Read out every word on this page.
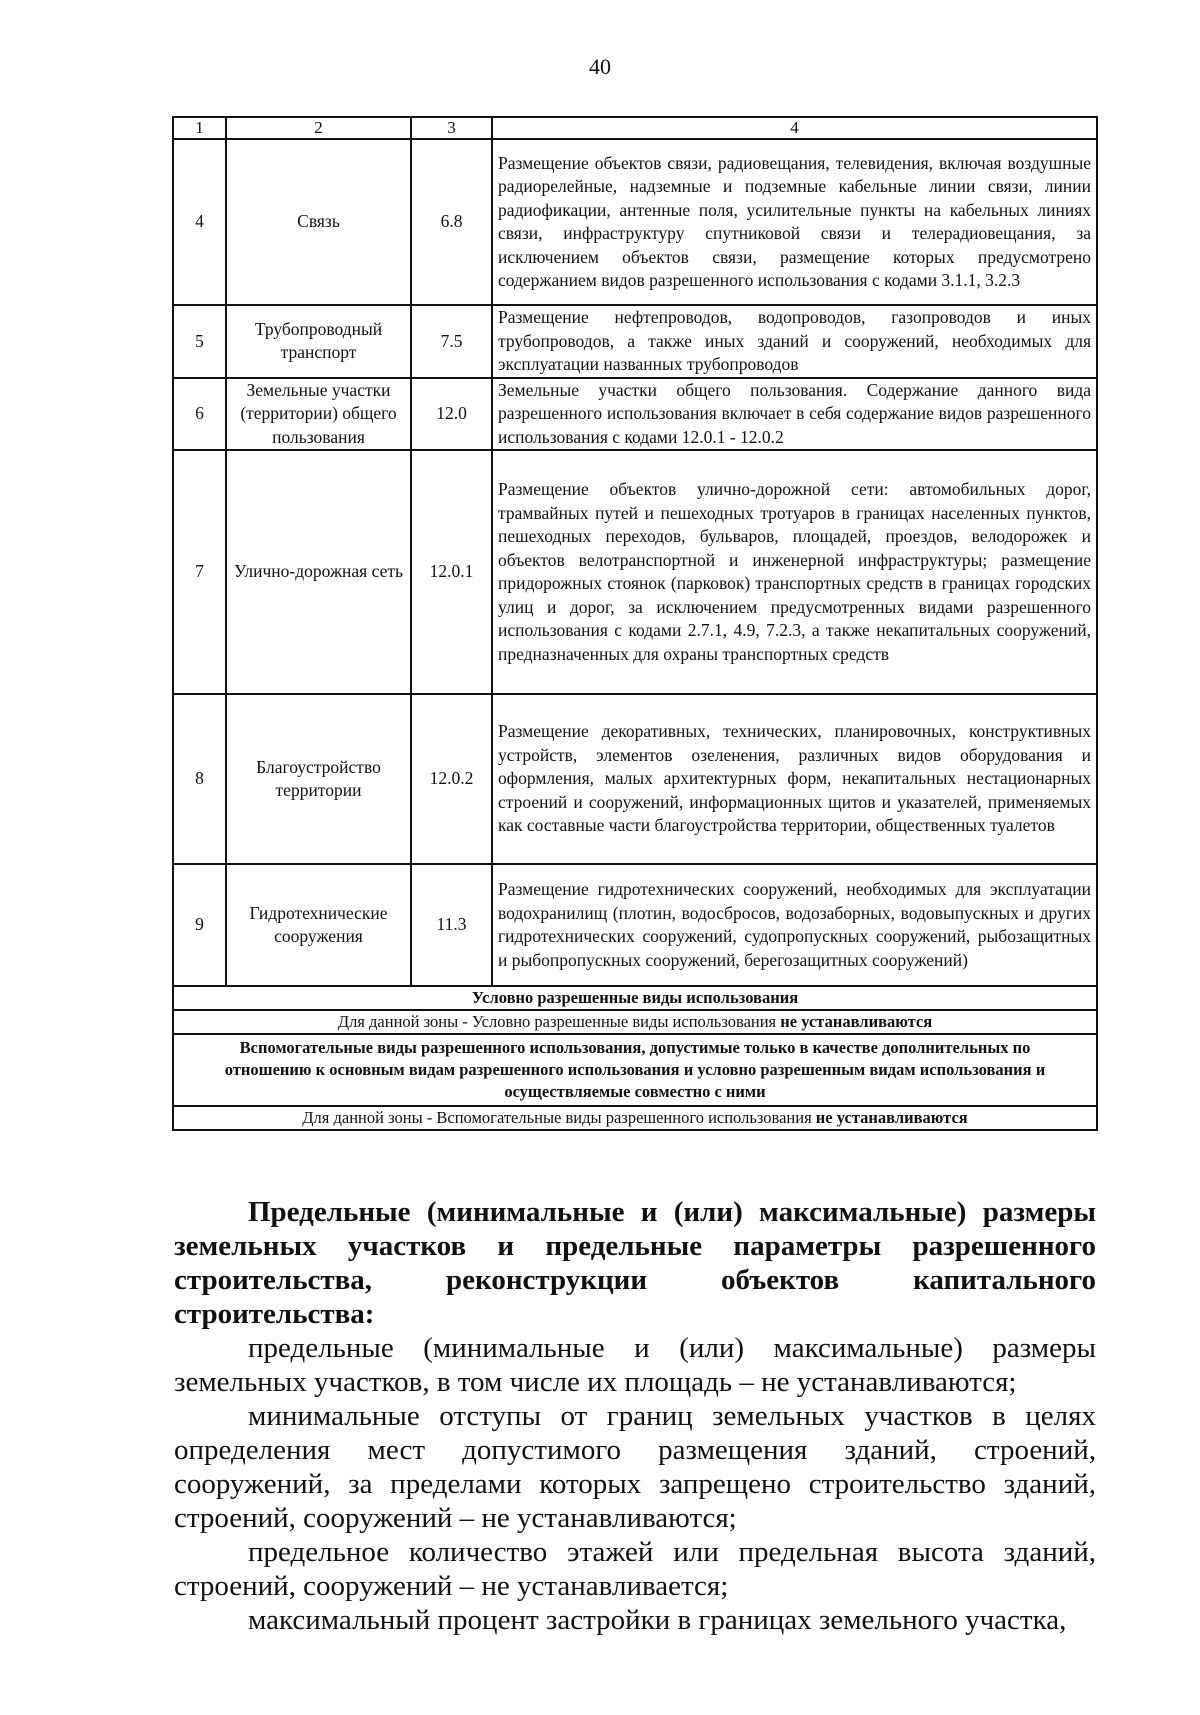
40
1	2	3	4
4	Связь	6.8	Размещение объектов связи, радиовещания, телевидения, включая воздушные радиорелейные, надземные и подземные кабельные линии связи, линии радиофикации, антенные поля, усилительные пункты на кабельных линиях связи, инфраструктуру спутниковой связи и телерадиовещания, за исключением объектов связи, размещение которых предусмотрено содержанием видов разрешенного использования с кодами 3.1.1, 3.2.3
5	Трубопроводный транспорт	7.5	Размещение нефтепроводов, водопроводов, газопроводов и иных трубопроводов, а также иных зданий и сооружений, необходимых для эксплуатации названных трубопроводов
6	Земельные участки (территории) общего пользования	12.0	Земельные участки общего пользования. Содержание данного вида разрешенного использования включает в себя содержание видов разрешенного использования с кодами 12.0.1 - 12.0.2
7	Улично-дорожная сеть	12.0.1	Размещение объектов улично-дорожной сети: автомобильных дорог, трамвайных путей и пешеходных тротуаров в границах населенных пунктов, пешеходных переходов, бульваров, площадей, проездов, велодорожек и объектов велотранспортной и инженерной инфраструктуры; размещение придорожных стоянок (парковок) транспортных средств в границах городских улиц и дорог, за исключением предусмотренных видами разрешенного использования с кодами 2.7.1, 4.9, 7.2.3, а также некапитальных сооружений, предназначенных для охраны транспортных средств
8	Благоустройство территории	12.0.2	Размещение декоративных, технических, планировочных, конструктивных устройств, элементов озеленения, различных видов оборудования и оформления, малых архитектурных форм, некапитальных нестационарных строений и сооружений, информационных щитов и указателей, применяемых как составные части благоустройства территории, общественных туалетов
9	Гидротехнические сооружения	11.3	Размещение гидротехнических сооружений, необходимых для эксплуатации водохранилищ (плотин, водосбросов, водозаборных, водовыпускных и других гидротехнических сооружений, судопропускных сооружений, рыбозащитных и рыбопропускных сооружений, берегозащитных сооружений)
Условно разрешенные виды использования			
Для данной зоны - Условно разрешенные виды использования не устанавливаются			
Вспомогательные виды разрешенного использования, допустимые только в качестве дополнительных по отношению к основным видам разрешенного использования и условно разрешенным видам использования и осуществляемые совместно с ними			
Для данной зоны - Вспомогательные виды разрешенного использования не устанавливаются			

Предельные (минимальные и (или) максимальные) размеры земельных участков и предельные параметры разрешенного строительства, реконструкции объектов капитального строительства:

предельные (минимальные и (или) максимальные) размеры земельных участков, в том числе их площадь – не устанавливаются;

минимальные отступы от границ земельных участков в целях определения мест допустимого размещения зданий, строений, сооружений, за пределами которых запрещено строительство зданий, строений, сооружений – не устанавливаются;

предельное количество этажей или предельная высота зданий, строений, сооружений – не устанавливается;

максимальный процент застройки в границах земельного участка,
